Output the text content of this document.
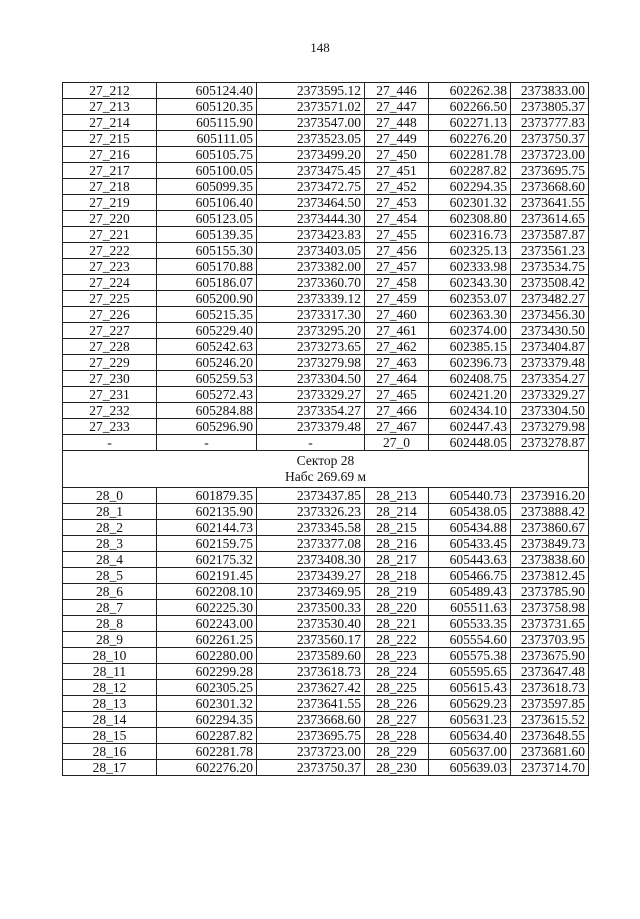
148
27_212	605124.40	2373595.12	27_446	602262.38	2373833.00
27_213	605120.35	2373571.02	27_447	602266.50	2373805.37
27_214	605115.90	2373547.00	27_448	602271.13	2373777.83
27_215	605111.05	2373523.05	27_449	602276.20	2373750.37
27_216	605105.75	2373499.20	27_450	602281.78	2373723.00
27_217	605100.05	2373475.45	27_451	602287.82	2373695.75
27_218	605099.35	2373472.75	27_452	602294.35	2373668.60
27_219	605106.40	2373464.50	27_453	602301.32	2373641.55
27_220	605123.05	2373444.30	27_454	602308.80	2373614.65
27_221	605139.35	2373423.83	27_455	602316.73	2373587.87
27_222	605155.30	2373403.05	27_456	602325.13	2373561.23
27_223	605170.88	2373382.00	27_457	602333.98	2373534.75
27_224	605186.07	2373360.70	27_458	602343.30	2373508.42
27_225	605200.90	2373339.12	27_459	602353.07	2373482.27
27_226	605215.35	2373317.30	27_460	602363.30	2373456.30
27_227	605229.40	2373295.20	27_461	602374.00	2373430.50
27_228	605242.63	2373273.65	27_462	602385.15	2373404.87
27_229	605246.20	2373279.98	27_463	602396.73	2373379.48
27_230	605259.53	2373304.50	27_464	602408.75	2373354.27
27_231	605272.43	2373329.27	27_465	602421.20	2373329.27
27_232	605284.88	2373354.27	27_466	602434.10	2373304.50
27_233	605296.90	2373379.48	27_467	602447.43	2373279.98
-	-	-	27_0	602448.05	2373278.87

Сектор 28
Набс 269.69 м					

28_0	601879.35	2373437.85	28_213	605440.73	2373916.20
28_1	602135.90	2373326.23	28_214	605438.05	2373888.42
28_2	602144.73	2373345.58	28_215	605434.88	2373860.67
28_3	602159.75	2373377.08	28_216	605433.45	2373849.73
28_4	602175.32	2373408.30	28_217	605443.63	2373838.60
28_5	602191.45	2373439.27	28_218	605466.75	2373812.45
28_6	602208.10	2373469.95	28_219	605489.43	2373785.90
28_7	602225.30	2373500.33	28_220	605511.63	2373758.98
28_8	602243.00	2373530.40	28_221	605533.35	2373731.65
28_9	602261.25	2373560.17	28_222	605554.60	2373703.95
28_10	602280.00	2373589.60	28_223	605575.38	2373675.90
28_11	602299.28	2373618.73	28_224	605595.65	2373647.48
28_12	602305.25	2373627.42	28_225	605615.43	2373618.73
28_13	602301.32	2373641.55	28_226	605629.23	2373597.85
28_14	602294.35	2373668.60	28_227	605631.23	2373615.52
28_15	602287.82	2373695.75	28_228	605634.40	2373648.55
28_16	602281.78	2373723.00	28_229	605637.00	2373681.60
28_17	602276.20	2373750.37	28_230	605639.03	2373714.70
